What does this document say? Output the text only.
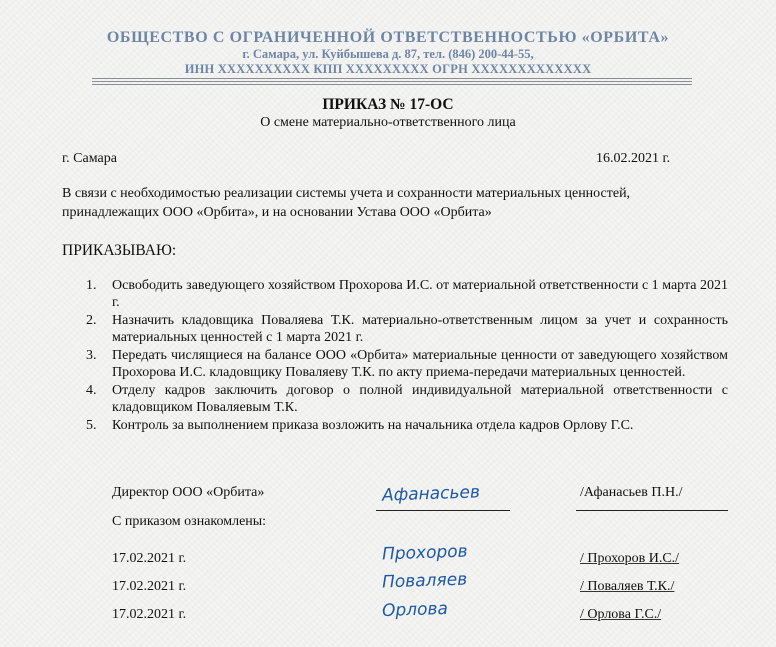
ОБЩЕСТВО С ОГРАНИЧЕННОЙ ОТВЕТСТВЕННОСТЬЮ «ОРБИТА»
г. Самара, ул. Куйбышева д. 87, тел. (846) 200-44-55,
ИНН ХХХХХХХХХХ КПП ХХХХХХХХХ ОГРН ХХХХХХХХХХХХХ
ПРИКАЗ № 17-ОС
О смене материально-ответственного лица
г. Самара	16.02.2021 г.
В связи с необходимостью реализации системы учета и сохранности материальных ценностей,
принадлежащих ООО «Орбита», и на основании Устава ООО «Орбита»
ПРИКАЗЫВАЮ:
1. Освободить заведующего хозяйством Прохорова И.С. от материальной ответственности с 1 марта 2021 г.
2. Назначить кладовщика Поваляева Т.К. материально-ответственным лицом за учет и сохранность материальных ценностей с 1 марта 2021 г.
3. Передать числящиеся на балансе ООО «Орбита» материальные ценности от заведующего хозяйством Прохорова И.С. кладовщику Поваляеву Т.К. по акту приема-передачи материальных ценностей.
4. Отделу кадров заключить договор о полной индивидуальной материальной ответственности с кладовщиком Поваляевым Т.К.
5. Контроль за выполнением приказа возложить на начальника отдела кадров Орлову Г.С.
Директор ООО «Орбита»	Афанасьев	/Афанасьев П.Н./
С приказом ознакомлены:
17.02.2021 г.	Прохоров	/ Прохоров И.С./
17.02.2021 г.	Поваляев	/ Поваляев Т.К./
17.02.2021 г.	Орлова	/ Орлова Г.С./
